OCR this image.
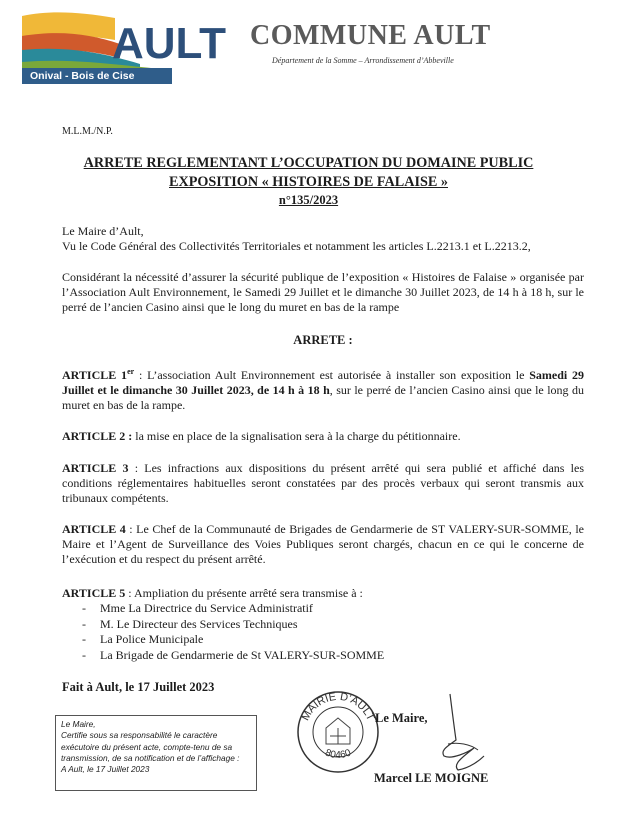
AULT
Onival - Bois de Cise
COMMUNE AULT
Département de la Somme – Arrondissement d’Abbeville
M.L.M./N.P.
ARRETE REGLEMENTANT L’OCCUPATION DU DOMAINE PUBLIC
EXPOSITION « HISTOIRES DE FALAISE »
n°135/2023
Le Maire d’Ault,
Vu le Code Général des Collectivités Territoriales et notamment les articles L.2213.1 et L.2213.2,
Considérant la nécessité d’assurer la sécurité publique de l’exposition « Histoires de Falaise » organisée par l’Association Ault Environnement, le Samedi 29 Juillet et le dimanche 30 Juillet 2023, de 14 h à 18 h, sur le perré de l’ancien Casino ainsi que le long du muret en bas de la rampe
ARRETE :
ARTICLE 1er : L’association Ault Environnement est autorisée à installer son exposition le Samedi 29 Juillet et le dimanche 30 Juillet 2023, de 14 h à 18 h, sur le perré de l’ancien Casino ainsi que le long du muret en bas de la rampe.
ARTICLE 2 : la mise en place de la signalisation sera à la charge du pétitionnaire.
ARTICLE 3 : Les infractions aux dispositions du présent arrêté qui sera publié et affiché dans les conditions réglementaires habituelles seront constatées par des procès verbaux qui seront transmis aux tribunaux compétents.
ARTICLE 4 : Le Chef de la Communauté de Brigades de Gendarmerie de ST VALERY-SUR-SOMME, le Maire et l’Agent de Surveillance des Voies Publiques seront chargés, chacun en ce qui le concerne de l’exécution et du respect du présent arrêté.
ARTICLE 5 : Ampliation du présente arrêté sera transmise à :
- Mme La Directrice du Service Administratif
- M. Le Directeur des Services Techniques
- La Police Municipale
- La Brigade de Gendarmerie de St VALERY-SUR-SOMME
Fait à Ault, le 17 Juillet 2023
Le Maire,
Certifie sous sa responsabilité le caractère exécutoire du présent acte, compte-tenu de sa transmission, de sa notification et de l’affichage :
A Ault, le 17 Juillet 2023
MAIRIE D’AULT
80460
Le Maire,
Marcel LE MOIGNE
